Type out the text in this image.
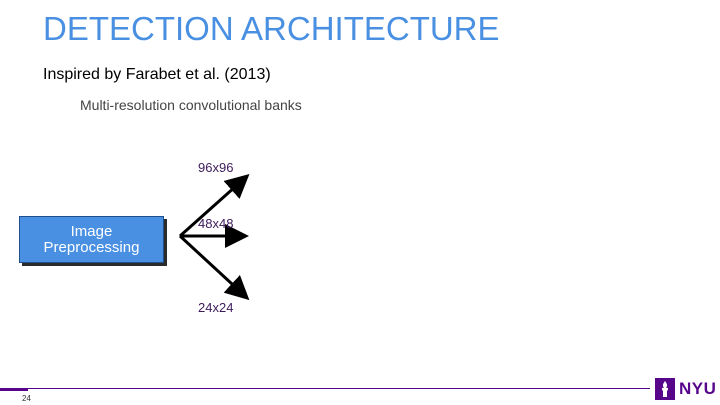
DETECTION ARCHITECTURE
Inspired by Farabet et al. (2013)
Multi-resolution convolutional banks
Image
Preprocessing
96x96
48x48
24x24
24
NYU
